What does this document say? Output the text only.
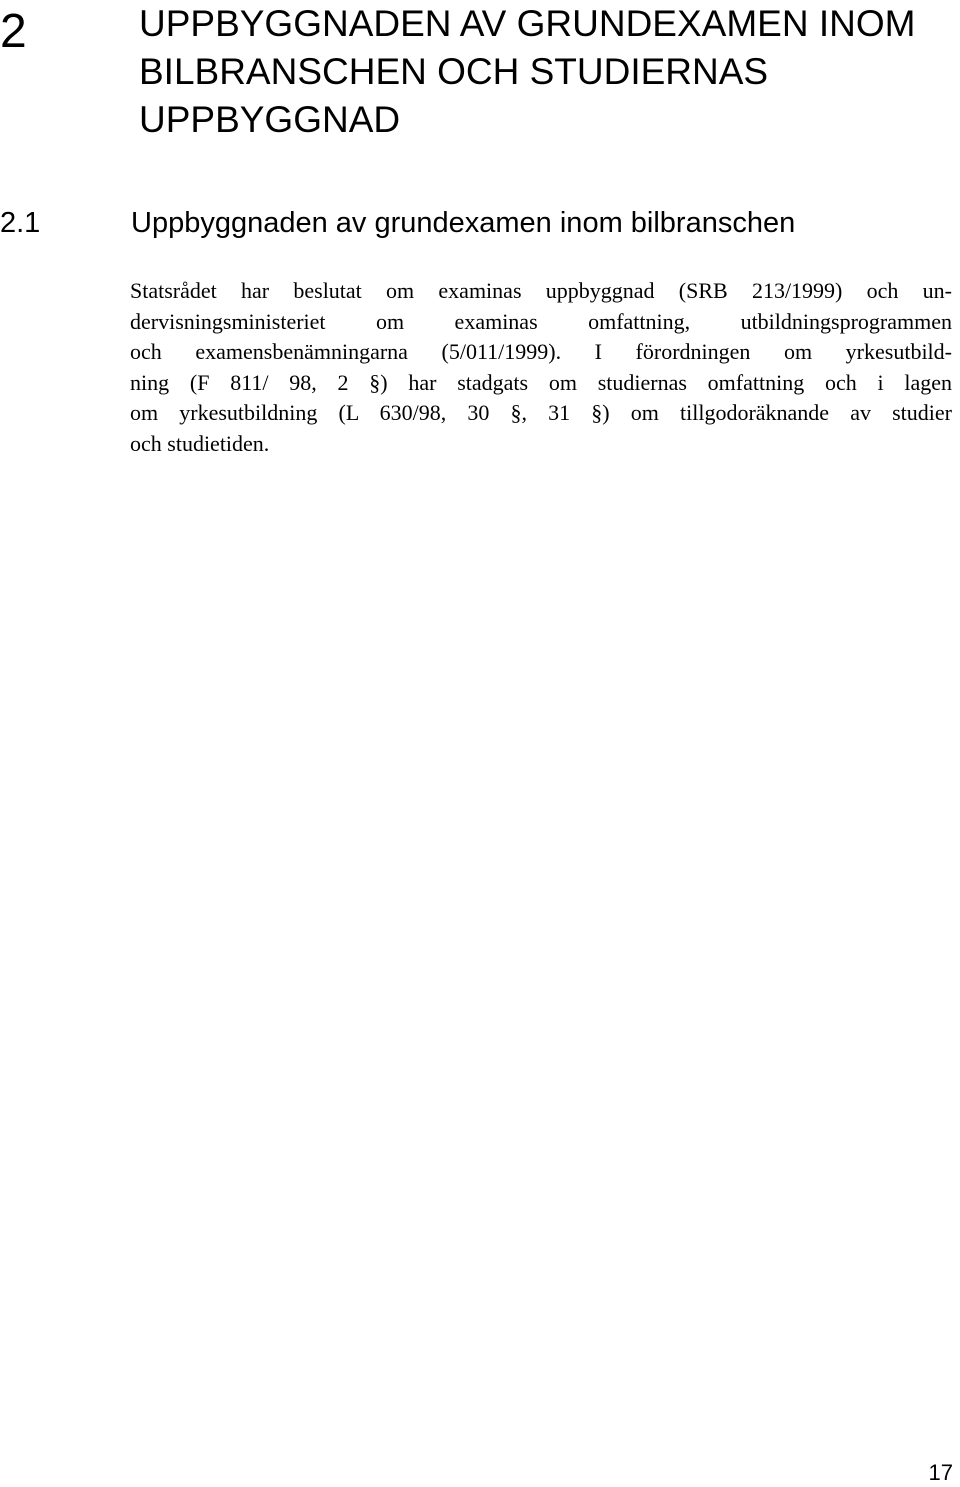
2	UPPBYGGNADEN AV GRUNDEXAMEN INOM
BILBRANSCHEN OCH STUDIERNAS
UPPBYGGNAD
2.1	Uppbyggnaden av grundexamen inom bilbranschen

Statsrådet har beslutat om examinas uppbyggnad (SRB 213/1999) och un-
dervisningsministeriet om examinas omfattning, utbildningsprogrammen
och examensbenämningarna (5/011/1999). I förordningen om yrkesutbild-
ning (F 811/ 98, 2 §) har stadgats om studiernas omfattning och i lagen
om yrkesutbildning (L 630/98, 30 §, 31 §) om tillgodoräknande av studier
och studietiden.

17
